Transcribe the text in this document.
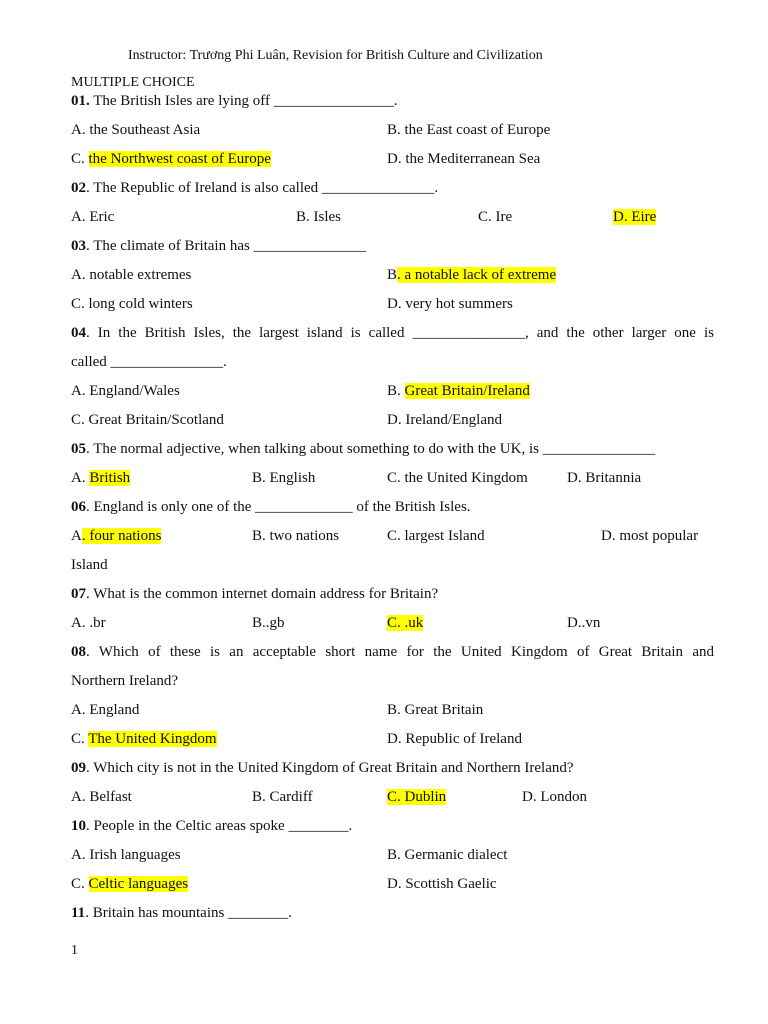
Instructor: Trương Phi Luân, Revision for British Culture and Civilization
MULTIPLE CHOICE
01. The British Isles are lying off ________________.
A. the Southeast Asia	B. the East coast of Europe
C. the Northwest coast of Europe	D. the Mediterranean Sea
02. The Republic of Ireland is also called _______________.
A. Eric	B. Isles	C. Ire	D. Eire
03. The climate of Britain has _______________
A. notable extremes	B. a notable lack of extreme
C. long cold winters	D. very hot summers
04. In the British Isles, the largest island is called _______________, and the other larger one is
called _______________.
A. England/Wales	B. Great Britain/Ireland
C. Great Britain/Scotland	D. Ireland/England
05. The normal adjective, when talking about something to do with the UK, is _______________
A. British	B. English	C. the United Kingdom	D. Britannia
06. England is only one of the _____________ of the British Isles.
A. four nations	B. two nations	C. largest Island	D. most popular
Island
07. What is the common internet domain address for Britain?
A. .br	B..gb	C. .uk	D..vn
08. Which of these is an acceptable short name for the United Kingdom of Great Britain and
Northern Ireland?
A. England	B. Great Britain
C. The United Kingdom	D. Republic of Ireland
09. Which city is not in the United Kingdom of Great Britain and Northern Ireland?
A. Belfast	B. Cardiff	C. Dublin	D. London
10. People in the Celtic areas spoke ________.
A. Irish languages	B. Germanic dialect
C. Celtic languages	D. Scottish Gaelic
11. Britain has mountains ________.
1
